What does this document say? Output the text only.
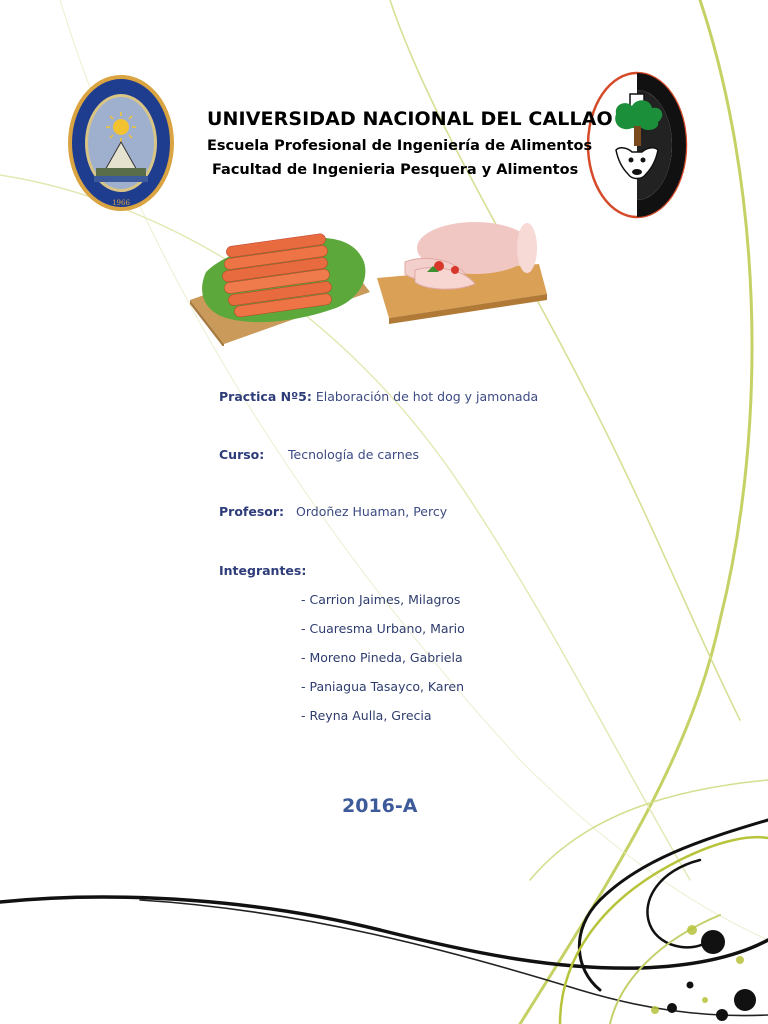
1966
UNIVERSIDAD NACIONAL DEL CALLAO
Escuela Profesional de Ingeniería de Alimentos
Facultad de Ingenieria Pesquera y Alimentos
Practica Nº5: Elaboración de hot dog y jamonada
Curso: Tecnología de carnes
Profesor: Ordoñez Huaman, Percy
Integrantes:
- Carrion Jaimes, Milagros
- Cuaresma Urbano, Mario
- Moreno Pineda, Gabriela
- Paniagua Tasayco, Karen
- Reyna Aulla, Grecia
2016-A
